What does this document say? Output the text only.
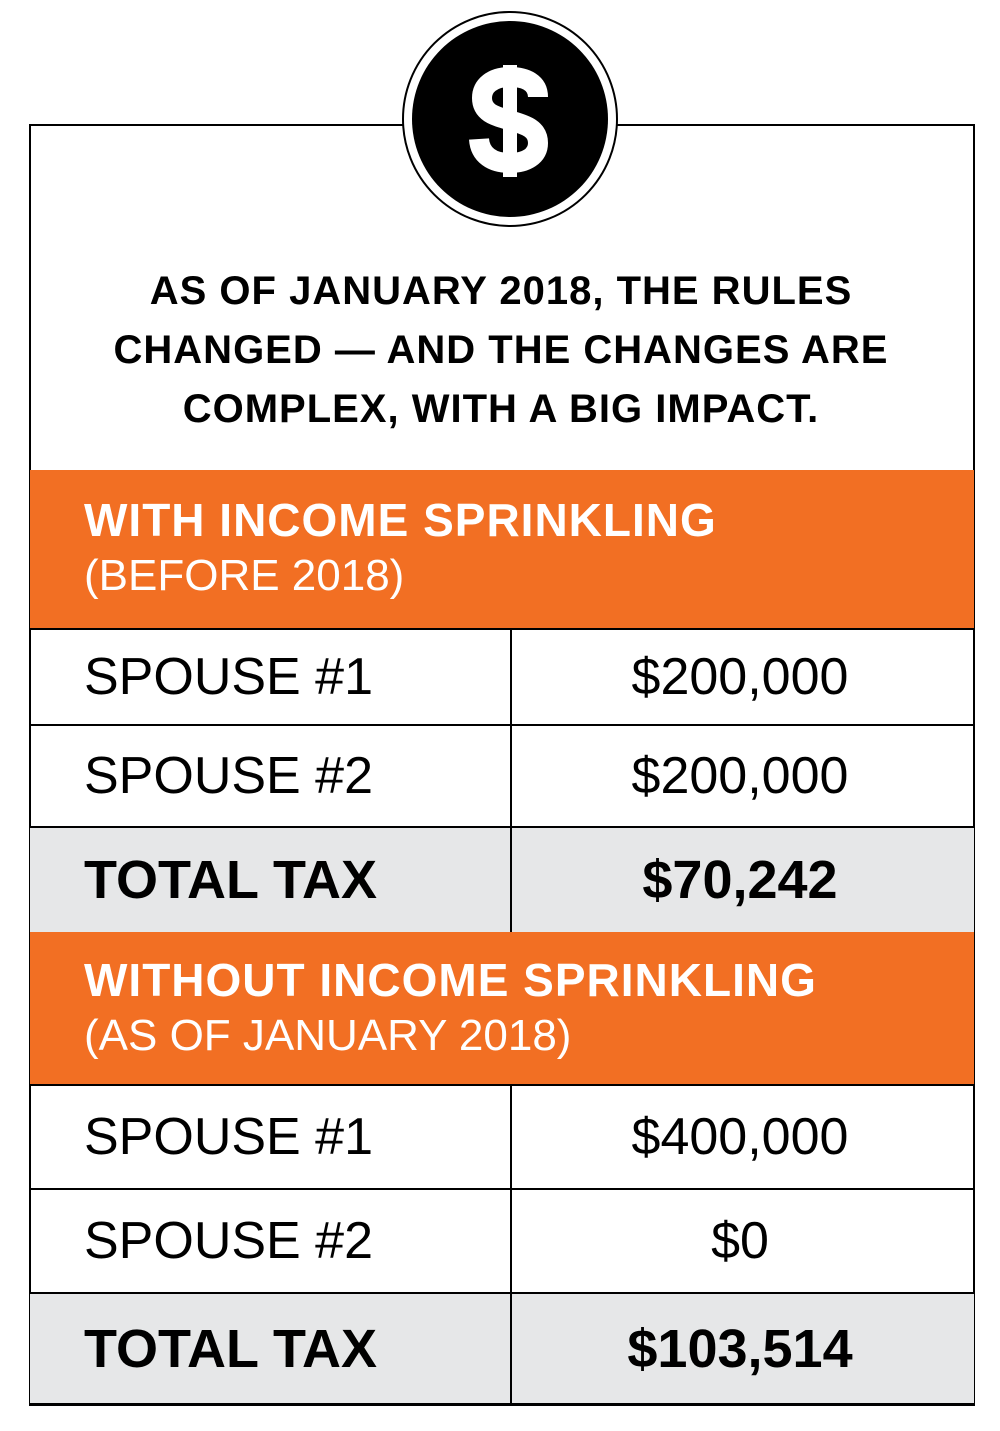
AS OF JANUARY 2018, THE RULES
CHANGED — AND THE CHANGES ARE
COMPLEX, WITH A BIG IMPACT.
WITH INCOME SPRINKLING
(BEFORE 2018)
SPOUSE #1	$200,000
SPOUSE #2	$200,000
TOTAL TAX	$70,242
WITHOUT INCOME SPRINKLING
(AS OF JANUARY 2018)
SPOUSE #1	$400,000
SPOUSE #2	$0
TOTAL TAX	$103,514
